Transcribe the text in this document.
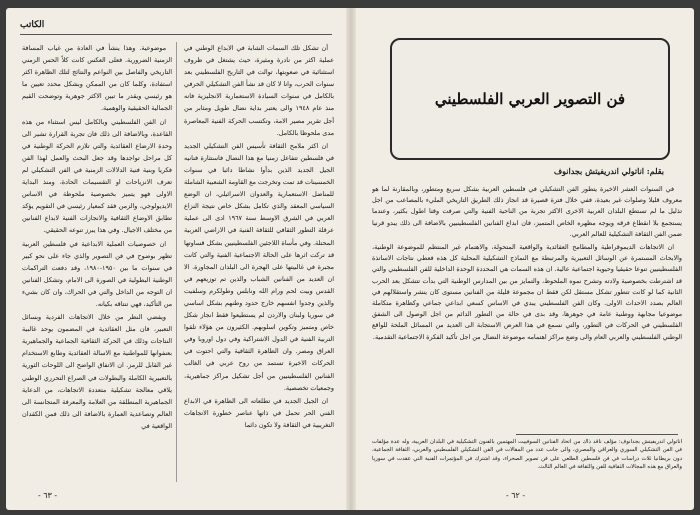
الكاتب

أن تشكل تلك السمات الشابة في الابداع الوطني في عملية اكثر من نادرة ومثيرة، حيث يشتغل في ظروف استثنائية في صعوبتها، توالت في التاريخ الفلسطيني بعد سنوات الحرب، وانا لا كان قد نشأ الفن التشكيلي الحرفي بالكامل في سنوات السيادة الاستعمارية الانجليزية فانه منذ عام ١٩٤٨ والى يعتبر بداية نضال طويل ومثابر من أجل تقرير مصير الامة، وتكتسب الحركة الفنية المعاصرة مدى ملحوظا بالكامل.

ان اكثر ملامح الثقافة تأسيس الفن التشكيلي الجديد في فلسطين تتفاعل زمنيا مع هذا النضال فاستثارة فنانيه الجيل الجديد الذين بدأوا نشاطا دائبا في سنوات الخمسينات قد تمت وتخرجت مع القاومة الشعبية الشاملة للمناضل الاستعمارية والعدوان الاسرائيلي، ان الوضع السياسي المعقد والذي تكامل بشكل خاص نتيجة النزاع العربي في الشرق الاوسط سنة ١٩٦٧ ادى الى عملية عرقلة التطور الثقافي للثقافة الفنية في الاراضي العربية المحتلة. وفي مأساة اللاجئين الفلسطينيين بشكل قساوتها قد تركت اثرها على الحالة الاجتماعية الفنية والتي كانت مجبرة في غالبيتها على الهجرة الى البلدان المجاورة. الا ان العديد من الفنانين الشباب والذين تم توزيعهم في القدس وبيت لحم ورام الله ونابلس وطولكرم وسلفيت والذين وجدوا انفسهم خارج حدود وطنهم بشكل اساسي في سوريا ولبنان والاردن لم يستطيعوا فقط انجاز شكل خاص ومتميز وتكوين اسلوبهم. الكثيرون من هؤلاء تلقوا التربية الفنية في الدول الاشتراكية وفي دول اوروبا وفي العراق ومصر. وان الظاهرة الثقافية والتي احتوت في الحركات الاخيرة تستمد من روح عربي في الغالب الفنانين الفلسطينيين من أجل تشكيل مراكز جماهيرية، وجمعيات تخصصية.

ان الجيل الجديد في تطلعاته الى الظاهرة في الابداع الفني الحر تحمل في ذاتها عناصر خطورة الاتجاهات التغريبية في الثقافة ولا تكون دائما

موضوعية. وهذا ينشأ في العادة من غياب المسافة الزمنية الضرورية. فعلى العكس كانت كلاً الحس الزمني التاريخي والفاصل بين النواعم والنتائج لتلك الظاهرة اكثر استفادة، وكلما كان من الممكن وبشكل محدد تعيين ما هو رئيسي ويقدر ما تبين الاكثر جوهرية وتوضحت القيم الجمالية الحقيقية والوهمية.

ان الفن الفلسطيني وبالكامل ليس استثناء من هذه القاعدة، وبالاضافة الى ذلك فان تجربة القرارة تشير الى وحدة الارضاع العقائدية والتي تلازم الحركة الوطنية في كل مراحل تواجدها وقد جعل البحث والعمل لهذا الفن فكريا وبنية فنية الدلالات الزمنية في الفن التشكيلي لم تعرف الانزياحات او التقسيمات الحادة، ومنذ البداية الاولى فهو يتميز بخصوصية ملحوظة في الاساس الايديولوجي، والزمن فقد كمعيار رئيسي في التقويم يؤكد تطابق الاوضاع الثقافية والانجازات الفنية لابداع الفنانين من مختلف الاجيال. وفي هذا يبرز تنوعه الحقيقي.

ان خصوصيات العملية الابداعية في فلسطين العربية تظهر بوضوح في فن التصوير والذي جاء على نحو كبير في سنوات ما بين ١٩٥٠-١٩٨٠، وقد دفعت التراكمات الوطنية البطولية في الصورة الى الامام، وتشكل الفنانين ان التوجه من الداخل والتي في الحراك، وان كان بشيء من التأكيد، فهي تنتاقه بكيانه.

ويفضي النظر من خلال الاتجاهات الفردية وبسائل التعبير، فان مثل العقائدية في المضمون يوحد غالبية النتاجات وذلك في الحركة الثقافية الجماعية والجماهيرية بعنفوانها للمواطنية مع الاسالة العقائدية وطابع الاستخدام غير القابل للرمز. ان الاتفاق الواضح الى اللوحات الثورية بالتعبيرية الكاملة والبطولات في الصراع التحرري الوطني يلاقي معالجة تشكيلية متعددة الاتجاهات، من الدعاية الجماهيرية المنطلقة من العلامة والمعرفة المتجانسة الى العالم وتصاعدية العمارة بالاضافة الى ذلك فمن الكقدان الواقعية في

- ٦٣ -
فن التصوير العربي الفلسطيني
بقلم: اناتولي اندريفيتش بجدانوف

في السنوات العشر الاخيرة يتطور الفن التشكيلي في فلسطين العربية بشكل سريع ومتطور، وبالمقارنة لما هو معروف قليلا وصلوات غير بعيدة، ففي خلال فترة قصيرة قد انجاز ذلك الطريق التاريخي المليء بالمصاعب من اجل تذليل ما لم تستطع البلدان العربية الاخرى الاكثر تجربة من الناحية الفنية والتي صرفت وقتا اطول بكثير، وعندما يستجمع بلا انقطاع فرقه ويوجه مظهره الخاص المتميز، فان ابداع الفنانين الفلسطينيين بالاضافة الى ذلك يبدو قرنيا ضمن الفن الثقافة التشكيلية للعالم العربي.

ان الاتجاهات الديموقراطية والمطامح العقائدية والواقعية المتحولة، والاهتمام غير المنتظم للموضوعة الوطنية، والابحاث المستمرة عن الوسائل التعبيرية والمرتبطة مع النماذج التشكيلية المحلية كل هذه فعطي نتاجات الاساتذة الفلسطينيين تنوعا حقيقيا وحيوية اجتماعية عالية. ان هذه السمات هي المحددة الوحدة الداخلية للفن الفلسطيني والتي قد اشترطت بخصوصية ولادته وتشرح نموه الملحوظ، والتمايز من بين المدارس الوطنية التي بدأت تتشكل بعد الحرب الثانية كما لو كانت تتطور تشكل مستقل لكن فقط ان مجموعة قليلة من الفنانين مستوى كان ينشر واستقلالهم في العالم بصدد الاحداث الاولى. وكان الفن الفلسطيني يبدي في الاساس كسعي ابداعي جماعي وكظاهرة متكاملة موضوعيا مجابهة ووطنية عامة في جوهرها، وقد بدى في حالة من التطور الدائم من اجل الوصول الى الشفق الفلسطيني في الحركات في التطور، والتي نسمع في هذا العرض الاستجابة الى العديد من المسائل الملحة للواقع الوطني الفلسطيني والعربي العام والى وضع مراكز اهتمامه موضوعة النضال من اجل تأكيد الفكرة الاجتماعية التقدمية.

اناتولي اندريفيتش بجدانوف: مؤلف ناقد ذاك من اتحاد الفنانين السوفييت المهتمين بالفنون التشكيلية في البلدان العربية، وله عدة مؤلفات في الفن التشكيلي السوري والعراقي والمصري، والى جانب عدد من المقالات في الفن التشكيلي الفلسطيني والعربي، الثقافة الجماعية، دون بريطانيا ثلاث دراسات في فن فلسطين الطلعي على فن تصوير الصحراء، وقد اشترك في المؤتمرات الفنية التي عقدت في سوريا والعراق مع هذه المجالات الثقافية للفن والثقافة في العالم الثالث.
- ٦٢ -
